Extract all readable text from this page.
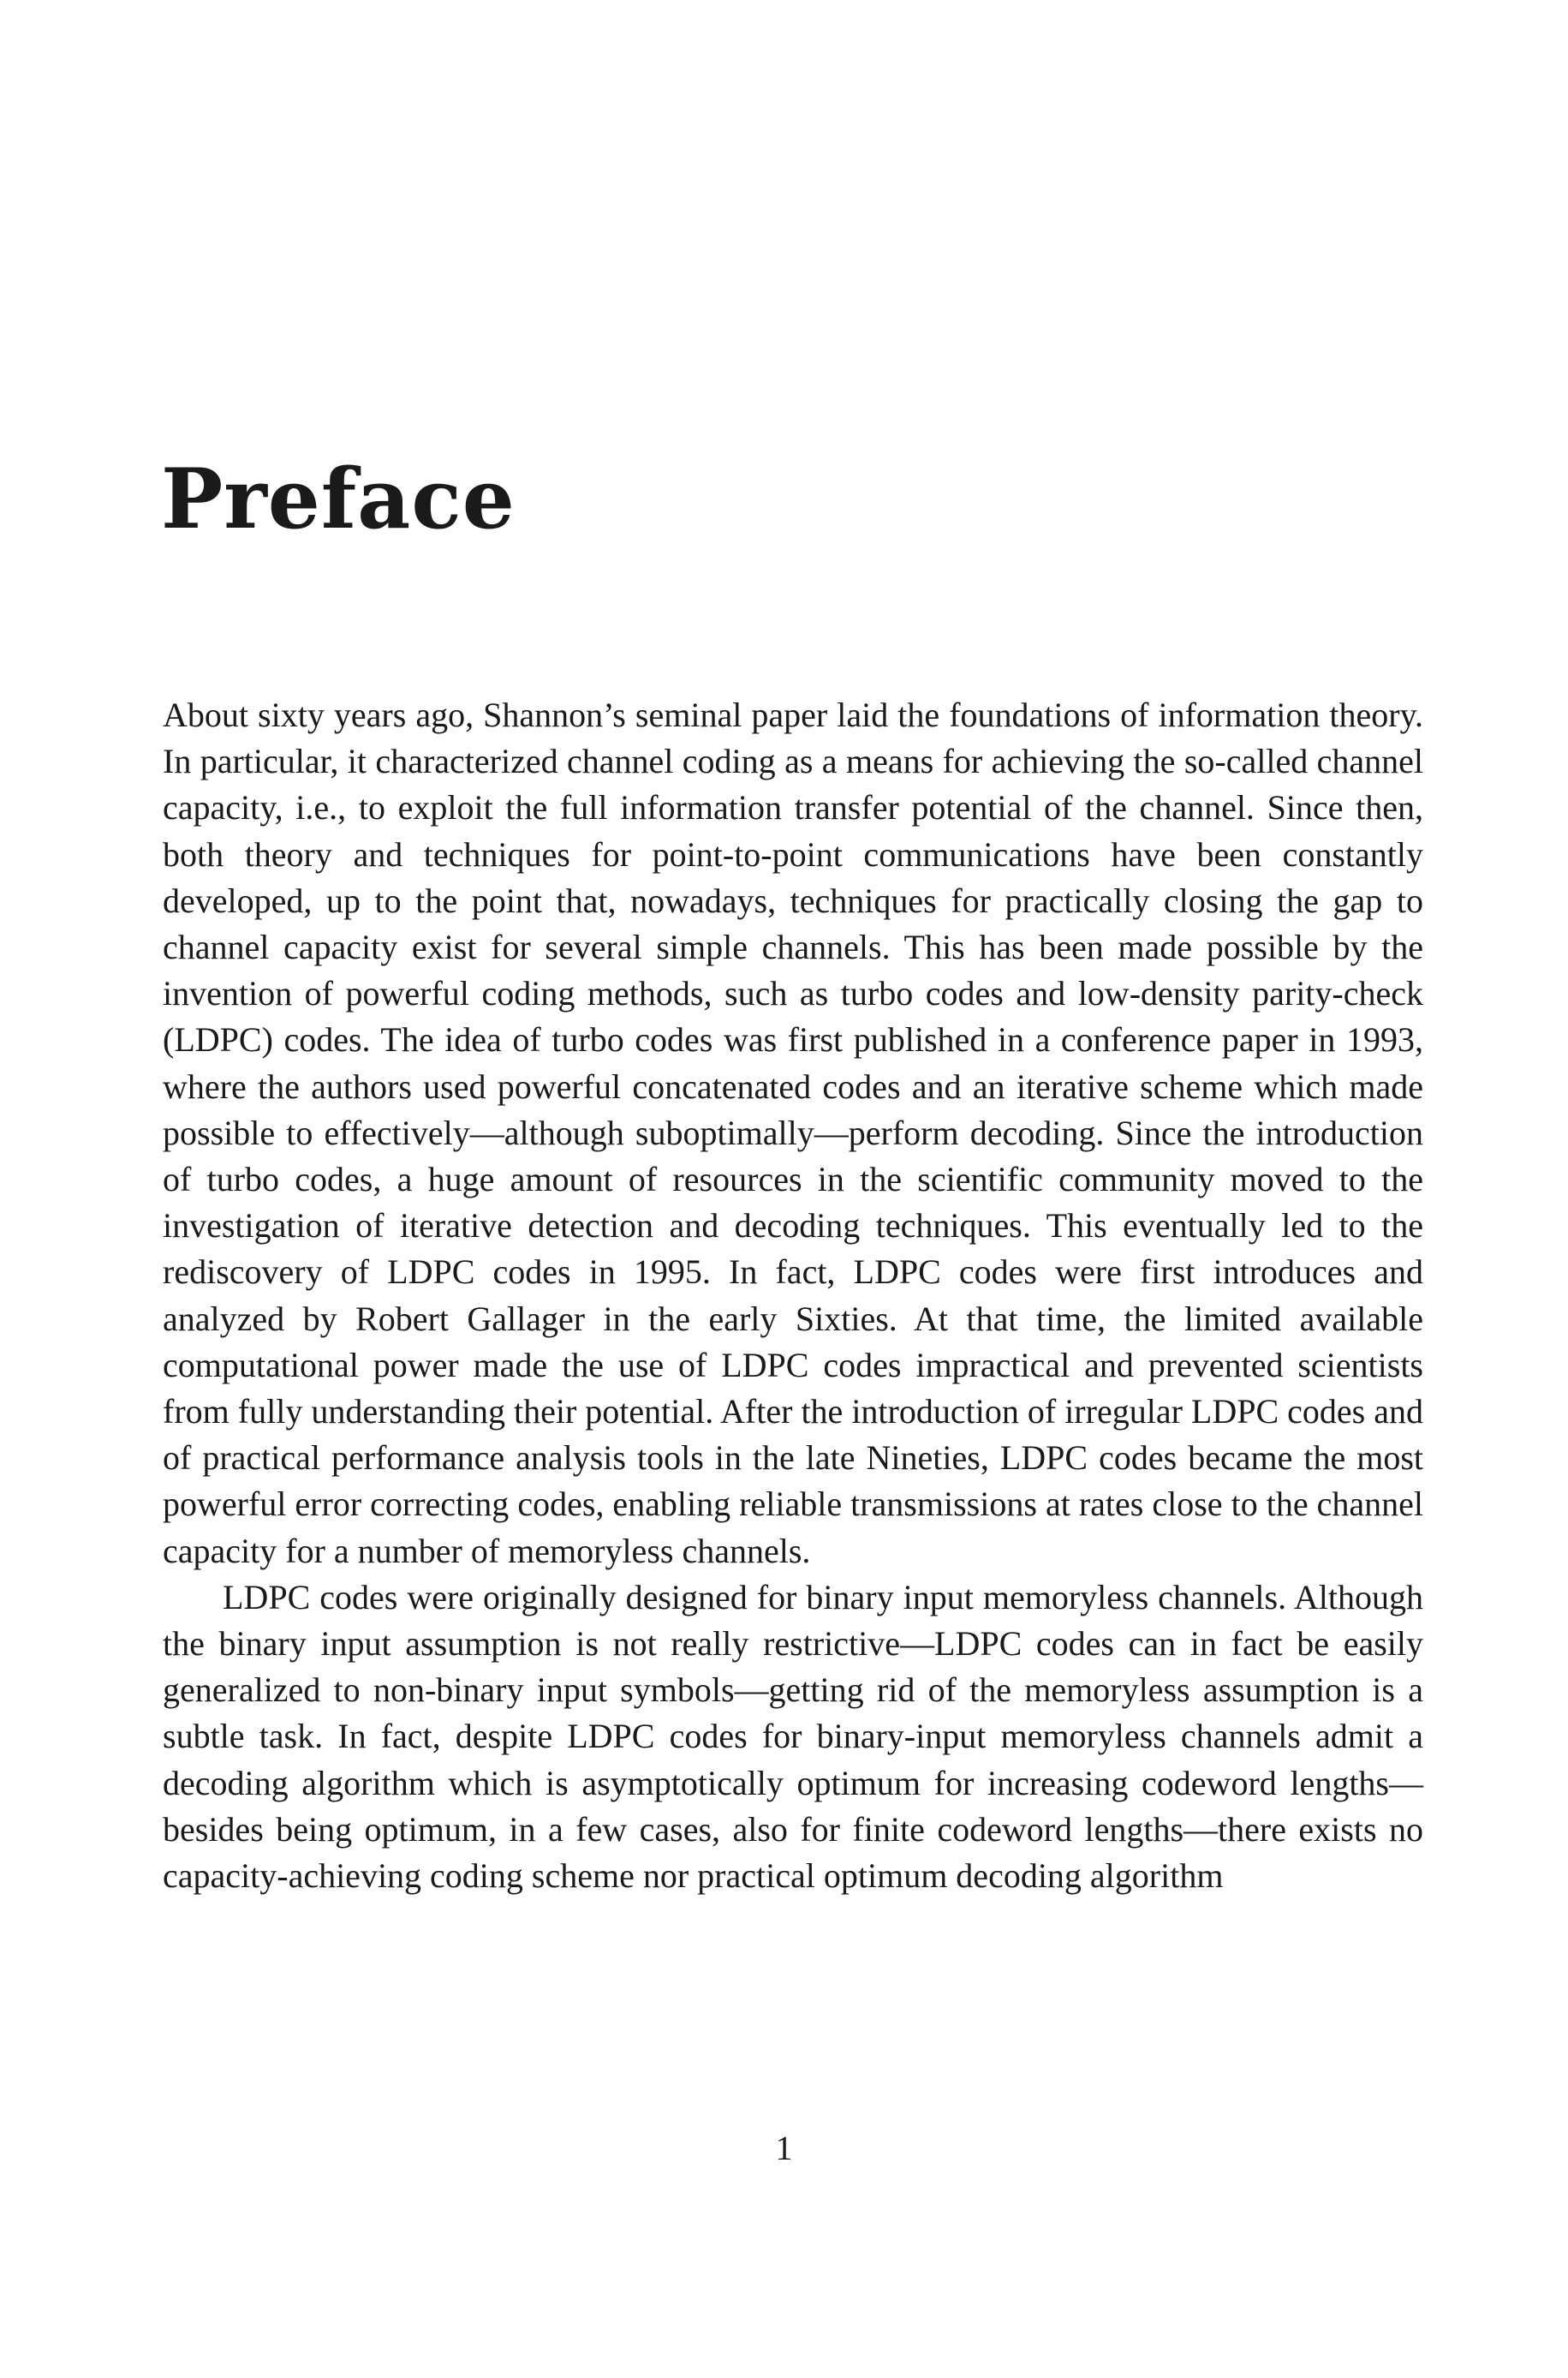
Preface

About sixty years ago, Shannon’s seminal paper laid the foundations of information theory. In particular, it characterized channel coding as a means for achieving the so-called channel capacity, i.e., to exploit the full information transfer potential of the channel. Since then, both theory and techniques for point-to-point communications have been constantly developed, up to the point that, nowadays, techniques for practically closing the gap to channel capacity exist for several simple channels. This has been made possible by the invention of powerful coding methods, such as turbo codes and low-density parity-check (LDPC) codes. The idea of turbo codes was first published in a conference paper in 1993, where the authors used powerful concatenated codes and an iterative scheme which made possible to effectively—although suboptimally—perform decoding. Since the introduction of turbo codes, a huge amount of resources in the scientific community moved to the investigation of iterative detection and decoding techniques. This eventually led to the rediscovery of LDPC codes in 1995. In fact, LDPC codes were first introduces and analyzed by Robert Gallager in the early Sixties. At that time, the limited available computational power made the use of LDPC codes impractical and prevented scientists from fully understanding their potential. After the introduction of irregular LDPC codes and of practical performance analysis tools in the late Nineties, LDPC codes became the most powerful error correcting codes, enabling reliable transmissions at rates close to the channel capacity for a number of memoryless channels.

LDPC codes were originally designed for binary input memoryless channels. Although the binary input assumption is not really restrictive—LDPC codes can in fact be easily generalized to non-binary input symbols—getting rid of the memoryless assumption is a subtle task. In fact, despite LDPC codes for binary-input memoryless channels admit a decoding algorithm which is asymptotically optimum for increasing codeword lengths—besides being optimum, in a few cases, also for finite codeword lengths—there exists no capacity-achieving coding scheme nor practical optimum decoding algorithm

1
